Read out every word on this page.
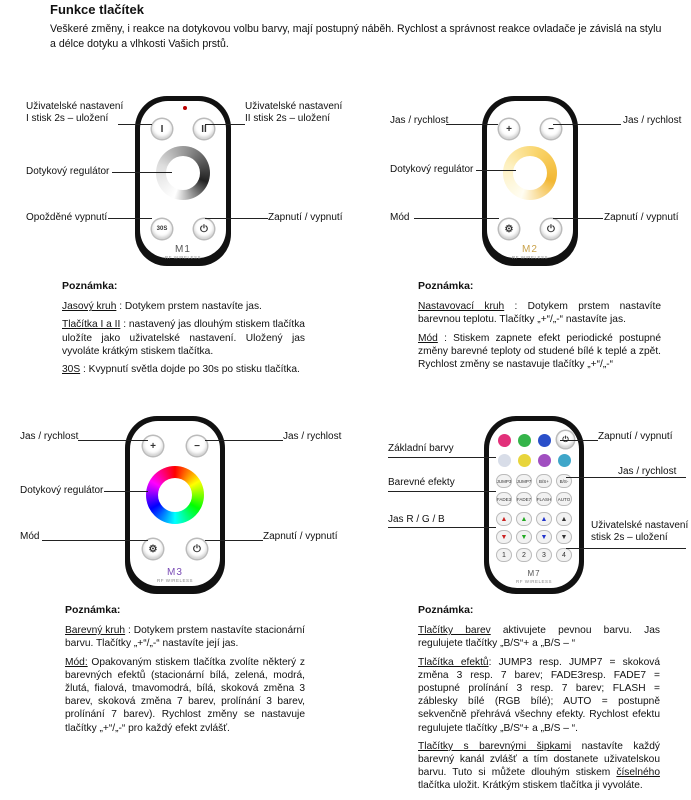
Funkce tlačítek
Veškeré změny, i reakce na dotykovou volbu barvy, mají postupný náběh. Rychlost a správnost reakce ovladače je závislá na stylu a délce dotyku a vlhkosti Vašich prstů.
I	II
30S	⏻
M1
RF WIRELESS
Uživatelské nastavení I stisk 2s – uložení
Uživatelské nastavení II stisk 2s – uložení
Dotykový regulátor
Opožděné vypnutí	Zapnutí / vypnutí
Poznámka:

Jasový kruh : Dotykem prstem nastavíte jas.

Tlačítka I a II : nastavený jas dlouhým stiskem tlačítka uložíte jako uživatelské nastavení. Uložený jas vyvoláte krátkým stiskem tlačítka.

30S : Kvypnutí světla dojde po 30s po stisku tlačítka.

+	−
⚙	⏻
M2
RF WIRELESS
Jas / rychlost	Jas / rychlost
Dotykový regulátor
Mód	Zapnutí / vypnutí
Poznámka:

Nastavovací kruh : Dotykem prstem nastavíte barevnou teplotu. Tlačítky „+“/„-“ nastavíte jas.

Mód : Stiskem zapnete efekt periodické postupné změny barevné teploty od studené bílé k teplé a zpět. Rychlost změny se nastavuje tlačítky „+“/„-“

+	−
⚙	⏻
M3
RF WIRELESS
Jas / rychlost	Jas / rychlost
Dotykový regulátor
Mód	Zapnutí / vypnutí
Poznámka:

Barevný kruh : Dotykem prstem nastavíte stacionární barvu. Tlačítky „+“/„-“ nastavíte její jas.

Mód: Opakovaným stiskem tlačítka zvolíte některý z barevných efektů (stacionární bílá, zelená, modrá, žlutá, fialová, tmavomodrá, bílá, skoková změna 3 barev, skoková změna 7 barev, prolínání 3 barev, prolínání 7 barev). Rychlost změny se nastavuje tlačítky „+“/„-“ pro každý efekt zvlášť.

⏻
JUMP3 JUMP7	B/S+	B/S-
FADE3 FADE7 FLASH AUTO
▲	▲	▲	▲
▼	▼	▼	▼
1	2	3	4
M7
RF WIRELESS
Zapnutí / vypnutí
Základní barvy
Jas / rychlost
Barevné efekty
Jas R / G / B
Uživatelské nastavení stisk 2s – uložení
Poznámka:

Tlačítky barev aktivujete pevnou barvu. Jas regulujete tlačítky „B/S“+ a „B/S – “

Tlačítka efektů: JUMP3 resp. JUMP7 = skoková změna 3 resp. 7 barev; FADE3resp. FADE7 = postupné prolínání 3 resp. 7 barev; FLASH = záblesky bílé (RGB bílé); AUTO = postupně sekvenčně přehrává všechny efekty. Rychlost efektu regulujete tlačítky „B/S“+ a „B/S – “.

Tlačítky s barevnými šipkami nastavíte každý barevný kanál zvlášť a tím dostanete uživatelskou barvu. Tuto si můžete dlouhým stiskem číselného tlačítka uložit. Krátkým stiskem tlačítka ji vyvoláte.
